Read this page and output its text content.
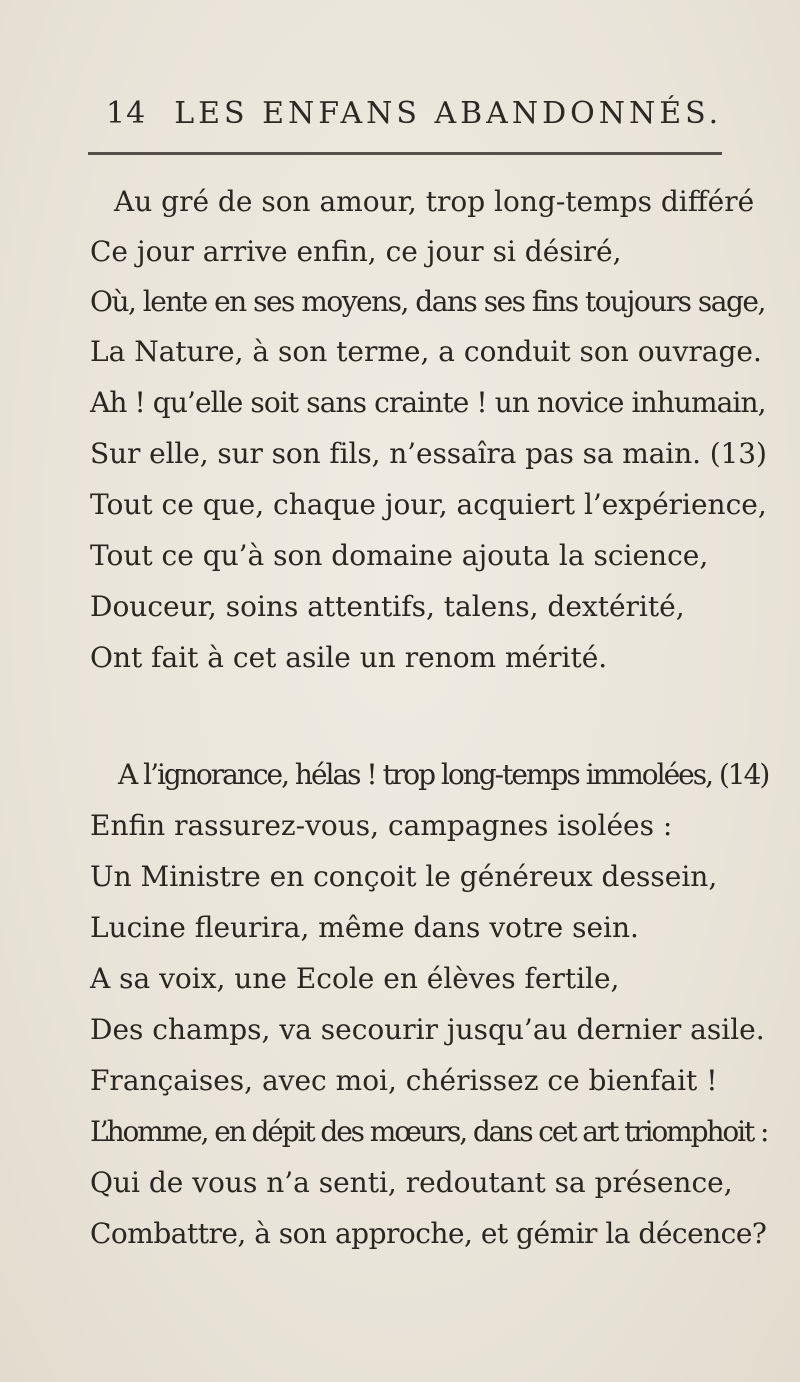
14 LES ENFANS ABANDONNÉS.
Au gré de son amour, trop long-temps différé
Ce jour arrive enfin, ce jour si désiré,
Où, lente en ses moyens, dans ses fins toujours sage,
La Nature, à son terme, a conduit son ouvrage.
Ah ! qu’elle soit sans crainte ! un novice inhumain,
Sur elle, sur son fils, n’essaîra pas sa main. (13)
Tout ce que, chaque jour, acquiert l’expérience,
Tout ce qu’à son domaine ajouta la science,
Douceur, soins attentifs, talens, dextérité,
Ont fait à cet asile un renom mérité.
A l’ignorance, hélas ! trop long-temps immolées, (14)
Enfin rassurez-vous, campagnes isolées :
Un Ministre en conçoit le généreux dessein,
Lucine fleurira, même dans votre sein.
A sa voix, une Ecole en élèves fertile,
Des champs, va secourir jusqu’au dernier asile.
Françaises, avec moi, chérissez ce bienfait !
L’homme, en dépit des mœurs, dans cet art triomphoit :
Qui de vous n’a senti, redoutant sa présence,
Combattre, à son approche, et gémir la décence?
